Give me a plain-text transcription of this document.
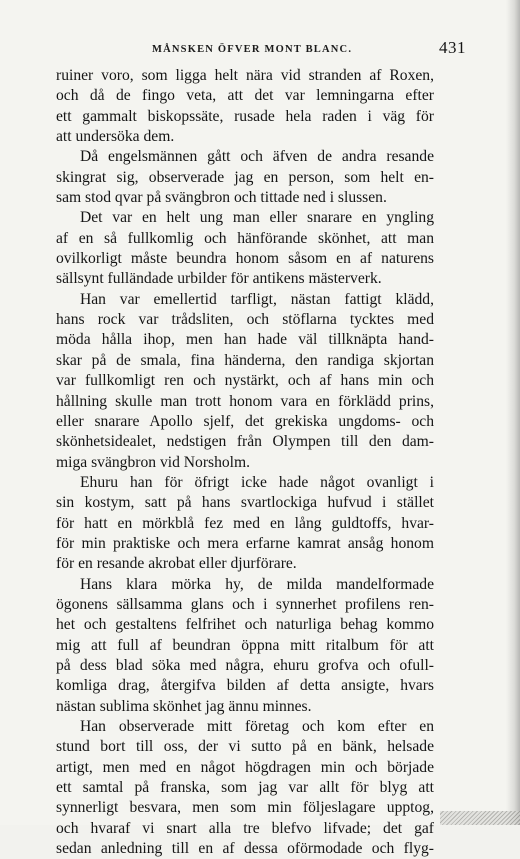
MÅNSKEN ÖFVER MONT BLANC.	431
ruiner voro, som ligga helt nära vid stranden af Roxen,
och då de fingo veta, att det var lemningarna efter
ett gammalt biskopssäte, rusade hela raden i väg för
att undersöka dem.
Då engelsmännen gått och äfven de andra resande
skingrat sig, observerade jag en person, som helt en-
sam stod qvar på svängbron och tittade ned i slussen.
Det var en helt ung man eller snarare en yngling
af en så fullkomlig och hänförande skönhet, att man
ovilkorligt måste beundra honom såsom en af naturens
sällsynt fulländade urbilder för antikens mästerverk.
Han var emellertid tarfligt, nästan fattigt klädd,
hans rock var trådsliten, och stöflarna tycktes med
möda hålla ihop, men han hade väl tillknäpta hand-
skar på de smala, fina händerna, den randiga skjortan
var fullkomligt ren och nystärkt, och af hans min och
hållning skulle man trott honom vara en förklädd prins,
eller snarare Apollo sjelf, det grekiska ungdoms- och
skönhetsidealet, nedstigen från Olympen till den dam-
miga svängbron vid Norsholm.
Ehuru han för öfrigt icke hade något ovanligt i
sin kostym, satt på hans svartlockiga hufvud i stället
för hatt en mörkblå fez med en lång guldtoffs, hvar-
för min praktiske och mera erfarne kamrat ansåg honom
för en resande akrobat eller djurförare.
Hans klara mörka hy, de milda mandelformade
ögonens sällsamma glans och i synnerhet profilens ren-
het och gestaltens felfrihet och naturliga behag kommo
mig att full af beundran öppna mitt ritalbum för att
på dess blad söka med några, ehuru grofva och ofull-
komliga drag, återgifva bilden af detta ansigte, hvars
nästan sublima skönhet jag ännu minnes.
Han observerade mitt företag och kom efter en
stund bort till oss, der vi sutto på en bänk, helsade
artigt, men med en något högdragen min och började
ett samtal på franska, som jag var allt för blyg att
synnerligt besvara, men som min följeslagare upptog,
och hvaraf vi snart alla tre blefvo lifvade; det gaf
sedan anledning till en af dessa oförmodade och flyg-
